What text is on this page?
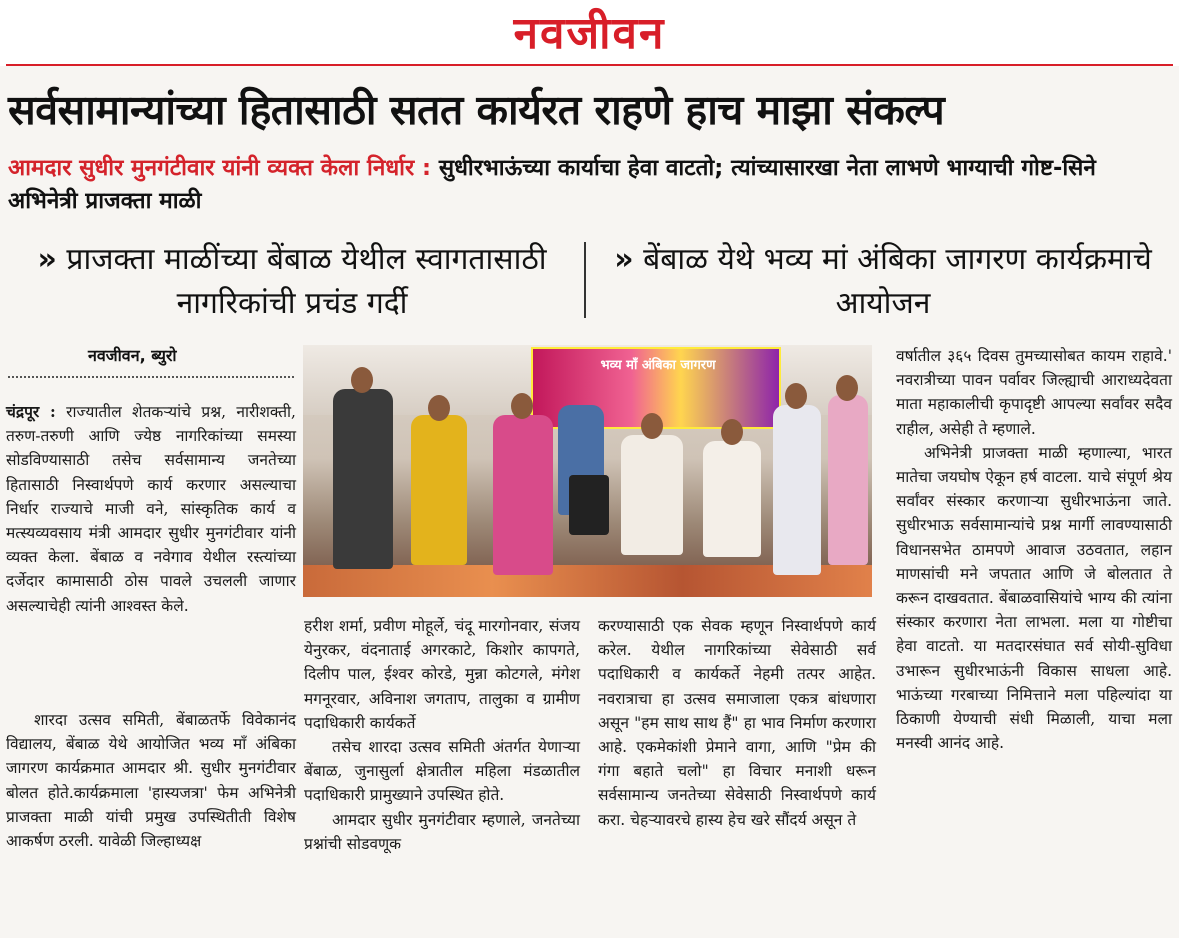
नवजीवन
सर्वसामान्यांच्या हितासाठी सतत कार्यरत राहणे हाच माझा संकल्प
आमदार सुधीर मुनगंटीवार यांनी व्यक्त केला निर्धार : सुधीरभाऊंच्या कार्याचा हेवा वाटतो; त्यांच्यासारखा नेता लाभणे भाग्याची गोष्ट-सिने अभिनेत्री प्राजक्ता माळी
» प्राजक्ता माळींच्या बेंबाळ येथील स्वागतासाठी नागरिकांची प्रचंड गर्दी
» बेंबाळ येथे भव्य मां अंबिका जागरण कार्यक्रमाचे आयोजन
नवजीवन, ब्युरो

चंद्रपूर : राज्यातील शेतकऱ्यांचे प्रश्न, नारीशक्ती, तरुण-तरुणी आणि ज्येष्ठ नागरिकांच्या समस्या सोडविण्यासाठी तसेच सर्वसामान्य जनतेच्या हितासाठी निस्वार्थपणे कार्य करणार असल्याचा निर्धार राज्याचे माजी वने, सांस्कृतिक कार्य व मत्स्यव्यवसाय मंत्री आमदार सुधीर मुनगंटीवार यांनी व्यक्त केला. बेंबाळ व नवेगाव येथील रस्त्यांच्या दर्जेदार कामासाठी ठोस पावले उचलली जाणार असल्याचेही त्यांनी आश्वस्त केले.

शारदा उत्सव समिती, बेंबाळतर्फे विवेकानंद विद्यालय, बेंबाळ येथे आयोजित भव्य माँ अंबिका जागरण कार्यक्रमात आमदार श्री. सुधीर मुनगंटीवार बोलत होते.कार्यक्रमाला 'हास्यजत्रा' फेम अभिनेत्री प्राजक्ता माळी यांची प्रमुख उपस्थितीती विशेष आकर्षण ठरली. यावेळी जिल्हाध्यक्ष

भव्य माँ अंबिका जागरण

हरीश शर्मा, प्रवीण मोहूर्ले, चंदू मारगोनवार, संजय येनुरकर, वंदनाताई अगरकाटे, किशोर कापगते, दिलीप पाल, ईश्वर कोरडे, मुन्ना कोटगले, मंगेश मगनूरवार, अविनाश जगताप, तालुका व ग्रामीण पदाधिकारी कार्यकर्ते

तसेच शारदा उत्सव समिती अंतर्गत येणाऱ्या बेंबाळ, जुनासुर्ला क्षेत्रातील महिला मंडळातील पदाधिकारी प्रामुख्याने उपस्थित होते.

आमदार सुधीर मुनगंटीवार म्हणाले, जनतेच्या प्रश्नांची सोडवणूक

करण्यासाठी एक सेवक म्हणून निस्वार्थपणे कार्य करेल. येथील नागरिकांच्या सेवेसाठी सर्व पदाधिकारी व कार्यकर्ते नेहमी तत्पर आहेत. नवरात्राचा हा उत्सव समाजाला एकत्र बांधणारा असून "हम साथ साथ हैं" हा भाव निर्माण करणारा आहे. एकमेकांशी प्रेमाने वागा, आणि "प्रेम की गंगा बहाते चलो" हा विचार मनाशी धरून सर्वसामान्य जनतेच्या सेवेसाठी निस्वार्थपणे कार्य करा. चेहऱ्यावरचे हास्य हेच खरे सौंदर्य असून ते

वर्षातील ३६५ दिवस तुमच्यासोबत कायम राहावे.' नवरात्रीच्या पावन पर्वावर जिल्ह्याची आराध्यदेवता माता महाकालीची कृपादृष्टी आपल्या सर्वांवर सदैव राहील, असेही ते म्हणाले.

अभिनेत्री प्राजक्ता माळी म्हणाल्या, भारत मातेचा जयघोष ऐकून हर्ष वाटला. याचे संपूर्ण श्रेय सर्वांवर संस्कार करणाऱ्या सुधीरभाऊंना जाते. सुधीरभाऊ सर्वसामान्यांचे प्रश्न मार्गी लावण्यासाठी विधानसभेत ठामपणे आवाज उठवतात, लहान माणसांची मने जपतात आणि जे बोलतात ते करून दाखवतात. बेंबाळवासियांचे भाग्य की त्यांना संस्कार करणारा नेता लाभला. मला या गोष्टीचा हेवा वाटतो. या मतदारसंघात सर्व सोयी-सुविधा उभारून सुधीरभाऊंनी विकास साधला आहे. भाऊंच्या गरबाच्या निमित्ताने मला पहिल्यांदा या ठिकाणी येण्याची संधी मिळाली, याचा मला मनस्वी आनंद आहे.
